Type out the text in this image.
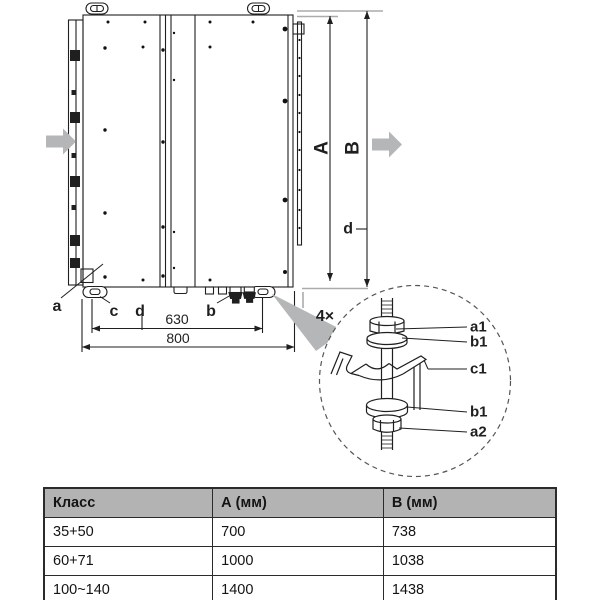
A B
d
630
800
a	c d	b	4×
a1
b1
c1
b1
a2
Класс	А (мм)	В (мм)
35+50	700	738
60+71	1000	1038
100~140	1400	1438
